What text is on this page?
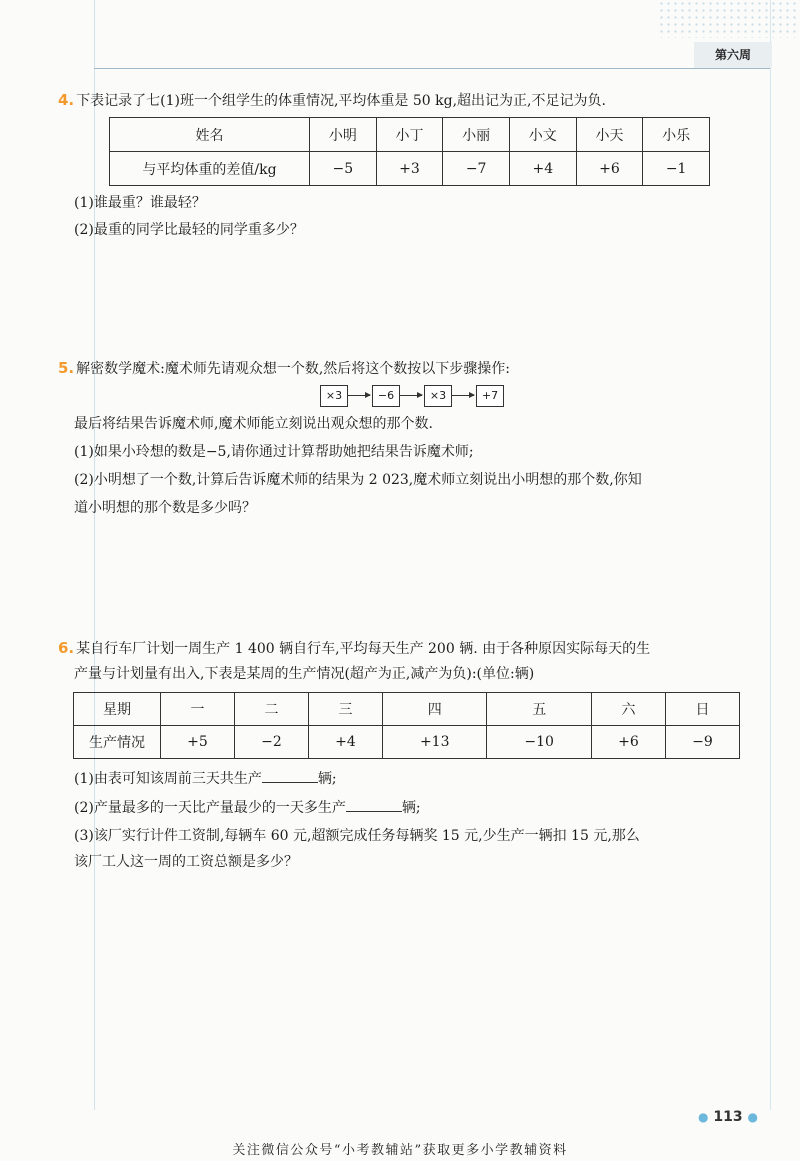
第六周
4. 下表记录了七(1)班一个组学生的体重情况,平均体重是 50 kg,超出记为正,不足记为负.
姓名	小明	小丁	小丽	小文	小天	小乐
与平均体重的差值/kg	−5	+3	−7	+4	+6	−1
(1)谁最重？谁最轻？
(2)最重的同学比最轻的同学重多少？
5. 解密数学魔术:魔术师先请观众想一个数,然后将这个数按以下步骤操作:
×3	−6	×3	+7
最后将结果告诉魔术师,魔术师能立刻说出观众想的那个数.
(1)如果小玲想的数是−5,请你通过计算帮助她把结果告诉魔术师;
(2)小明想了一个数,计算后告诉魔术师的结果为 2 023,魔术师立刻说出小明想的那个数,你知
道小明想的那个数是多少吗？
6. 某自行车厂计划一周生产 1 400 辆自行车,平均每天生产 200 辆. 由于各种原因实际每天的生
产量与计划量有出入,下表是某周的生产情况(超产为正,减产为负):(单位:辆)
星期	一	二	三	四	五	六	日
生产情况	+5	−2	+4	+13	−10	+6	−9
(1)由表可知该周前三天共生产	辆;
(2)产量最多的一天比产量最少的一天多生产	辆;
(3)该厂实行计件工资制,每辆车 60 元,超额完成任务每辆奖 15 元,少生产一辆扣 15 元,那么
该厂工人这一周的工资总额是多少？
● 113 ●
关注微信公众号“小考教辅站”获取更多小学教辅资料
